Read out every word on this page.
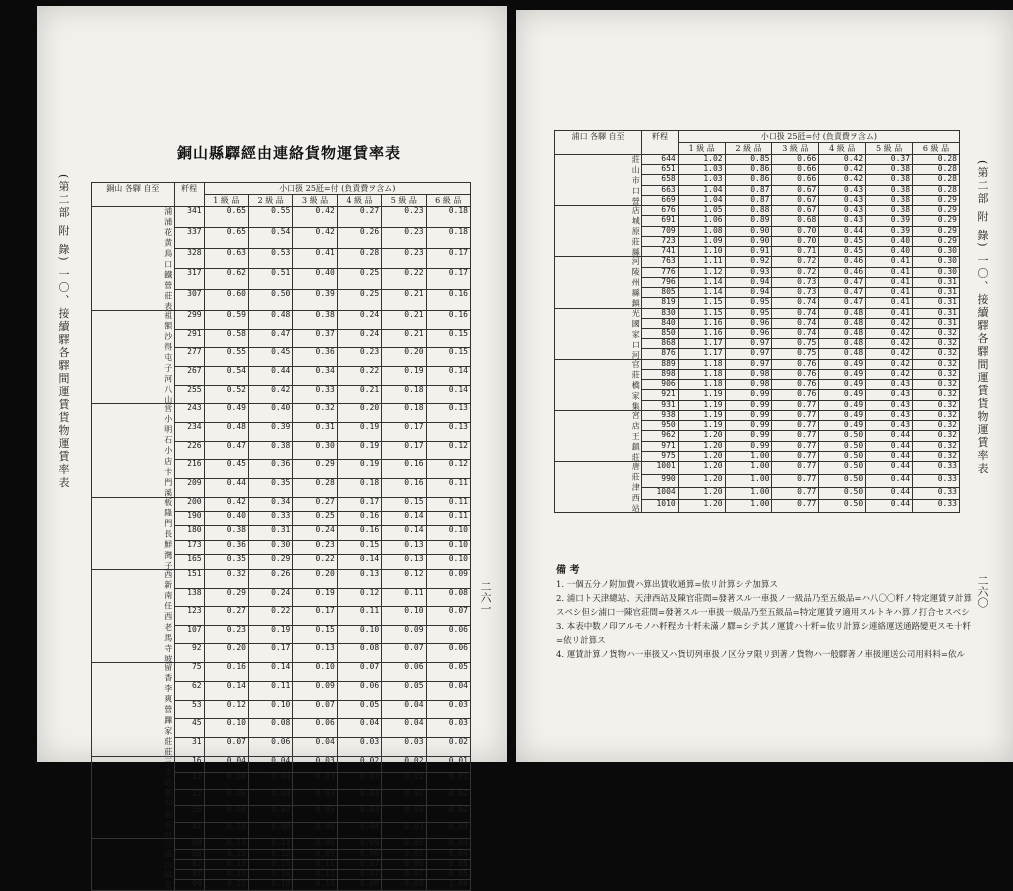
(第二部 附 錄) 一〇、接續驛各驛間運賃貨物運賃率表
銅山縣驛經由連絡貨物運賃率表
銅山 各驛 自至	粁程	小口扱 25瓩=付 (負責費ヲ含ム)					
		1 級 品	2 級 品	3 級 品	4 級 品	5 級 品	6 級 品
浦 浦 花 黄 鳥 口 鐵 營 莊 表	341	0.65	0.55	0.42	0.27	0.23	0.18
	337	0.65	0.54	0.42	0.26	0.23	0.18
	328	0.63	0.53	0.41	0.28	0.23	0.17
	317	0.62	0.51	0.40	0.25	0.22	0.17
	307	0.60	0.50	0.39	0.25	0.21	0.16
祖 額 沙 得 屯 子 河 八 山	299	0.59	0.48	0.38	0.24	0.21	0.16
	291	0.58	0.47	0.37	0.24	0.21	0.15
	277	0.55	0.45	0.36	0.23	0.20	0.15
	267	0.54	0.44	0.34	0.22	0.19	0.14
	255	0.52	0.42	0.33	0.21	0.18	0.14
営 小 明 石 小 店 卡 門 溪	243	0.49	0.40	0.32	0.20	0.18	0.13
	234	0.48	0.39	0.31	0.19	0.17	0.13
	226	0.47	0.38	0.30	0.19	0.17	0.12
	216	0.45	0.36	0.29	0.19	0.16	0.12
	209	0.44	0.35	0.28	0.18	0.16	0.11
板 隆 門 長 鮮 灣 子	200	0.42	0.34	0.27	0.17	0.15	0.11
	190	0.40	0.33	0.25	0.16	0.14	0.11
	180	0.38	0.31	0.24	0.16	0.14	0.10
	173	0.36	0.30	0.23	0.15	0.13	0.10
	165	0.35	0.29	0.22	0.14	0.13	0.10
西 新 南 任 西 老 馬 寺 坡	151	0.32	0.26	0.20	0.13	0.12	0.09
	138	0.29	0.24	0.19	0.12	0.11	0.08
	123	0.27	0.22	0.17	0.11	0.10	0.07
	107	0.23	0.19	0.15	0.10	0.09	0.06
	92	0.20	0.17	0.13	0.08	0.07	0.06
留 香 李 爽 營 蹕 家 莊 莊	75	0.16	0.14	0.10	0.07	0.06	0.05
	62	0.14	0.11	0.09	0.06	0.05	0.04
	53	0.12	0.10	0.07	0.05	0.04	0.03
	45	0.10	0.08	0.06	0.04	0.04	0.03
	31	0.07	0.06	0.04	0.03	0.03	0.02
三 李 邯 鄲 利 國 郝 村	16	0.04	0.04	0.03	0.02	0.02	0.01
	12	0.04	0.04	0.03	0.02	0.02	0.01
	22	0.05	0.04	0.03	0.02	0.02	0.02
	36	0.08	0.07	0.05	0.03	0.03	0.02
	44	0.10	0.08	0.06	0.04	0.03	0.03
沙 臨 山 鐵 家	60	0.13	0.11	0.08	0.05	0.05	0.04
	68	0.15	0.12	0.09	0.06	0.05	0.04
	82	0.18	0.15	0.11	0.07	0.06	0.05
	87	0.19	0.16	0.12	0.07	0.07	0.05
	99	0.22	0.18	0.14	0.09	0.08	1.06
二六一
浦口 各驛 自至	粁程	小口扱 25瓩=付 (負責費ヲ含ム)					
		1 級 品	2 級 品	3 級 品	4 級 品	5 級 品	6 級 品
莊 山 市 口 營	644	1.02	0.85	0.66	0.42	0.37	0.28
	651	1.03	0.86	0.66	0.42	0.38	0.28
	658	1.03	0.86	0.66	0.42	0.38	0.28
	663	1.04	0.87	0.67	0.43	0.38	0.28
	669	1.04	0.87	0.67	0.43	0.38	0.29
店 城 原 莊 縣	676	1.05	0.88	0.67	0.43	0.38	0.29
	691	1.06	0.89	0.68	0.43	0.39	0.29
	709	1.08	0.90	0.70	0.44	0.39	0.29
	723	1.09	0.90	0.70	0.45	0.40	0.29
	741	1.10	0.91	0.71	0.45	0.40	0.30
河 陵 州 縣 鎮	763	1.11	0.92	0.72	0.46	0.41	0.30
	776	1.12	0.93	0.72	0.46	0.41	0.30
	796	1.14	0.94	0.73	0.47	0.41	0.31
	805	1.14	0.94	0.73	0.47	0.41	0.31
	819	1.15	0.95	0.74	0.47	0.41	0.31
光 國 家 口 河	830	1.15	0.95	0.74	0.48	0.41	0.31
	840	1.16	0.96	0.74	0.48	0.42	0.31
	850	1.16	0.96	0.74	0.48	0.42	0.32
	868	1.17	0.97	0.75	0.48	0.42	0.32
	876	1.17	0.97	0.75	0.48	0.42	0.32
官 莊 橋 家 集	889	1.18	0.97	0.76	0.49	0.42	0.32
	898	1.18	0.98	0.76	0.49	0.42	0.32
	906	1.18	0.98	0.76	0.49	0.43	0.32
	921	1.19	0.99	0.76	0.49	0.43	0.32
	931	1.19	0.99	0.77	0.49	0.43	0.32
宮 店 王 鎮 莊	938	1.19	0.99	0.77	0.49	0.43	0.32
	950	1.19	0.99	0.77	0.49	0.43	0.32
	962	1.20	0.99	0.77	0.50	0.44	0.32
	971	1.20	0.99	0.77	0.50	0.44	0.32
	975	1.20	1.00	0.77	0.50	0.44	0.32
唐 莊 津 西 站	1001	1.20	1.00	0.77	0.50	0.44	0.33
	990	1.20	1.00	0.77	0.50	0.44	0.33
	1004	1.20	1.00	0.77	0.50	0.44	0.33
	1010	1.20	1.00	0.77	0.50	0.44	0.33
備 考
1. 一個五分ノ附加費ハ算出賃收通算=依リ計算シテ加算ス
2. 浦口ト天津總站、天津西站及陳官莊間=發著スル一車扱ノ一級品乃至五級品=ハ八〇〇粁ノ特定運賃ヲ計算スベシ但シ浦口一陳官莊間=發著スル一車扱一級品乃至五級品=特定運賃ヲ適用スルトキハ算ノ打合セスベシ
3. 本表中数ノ印アルモノハ粁程カ十粁未滿ノ驛=シテ其ノ運賃ハ十粁=依リ計算シ連絡運送通路變更スモ十粁=依リ計算ス
4. 運賃計算ノ貨物ハ一車扱又ハ貨切列車扱ノ区分ヲ限リ到著ノ貨物ハ一般驛著ノ車扱運送公司用料料=依ル
(第二部 附 錄) 一〇、接續驛各驛間運賃貨物運賃率表
二六〇
